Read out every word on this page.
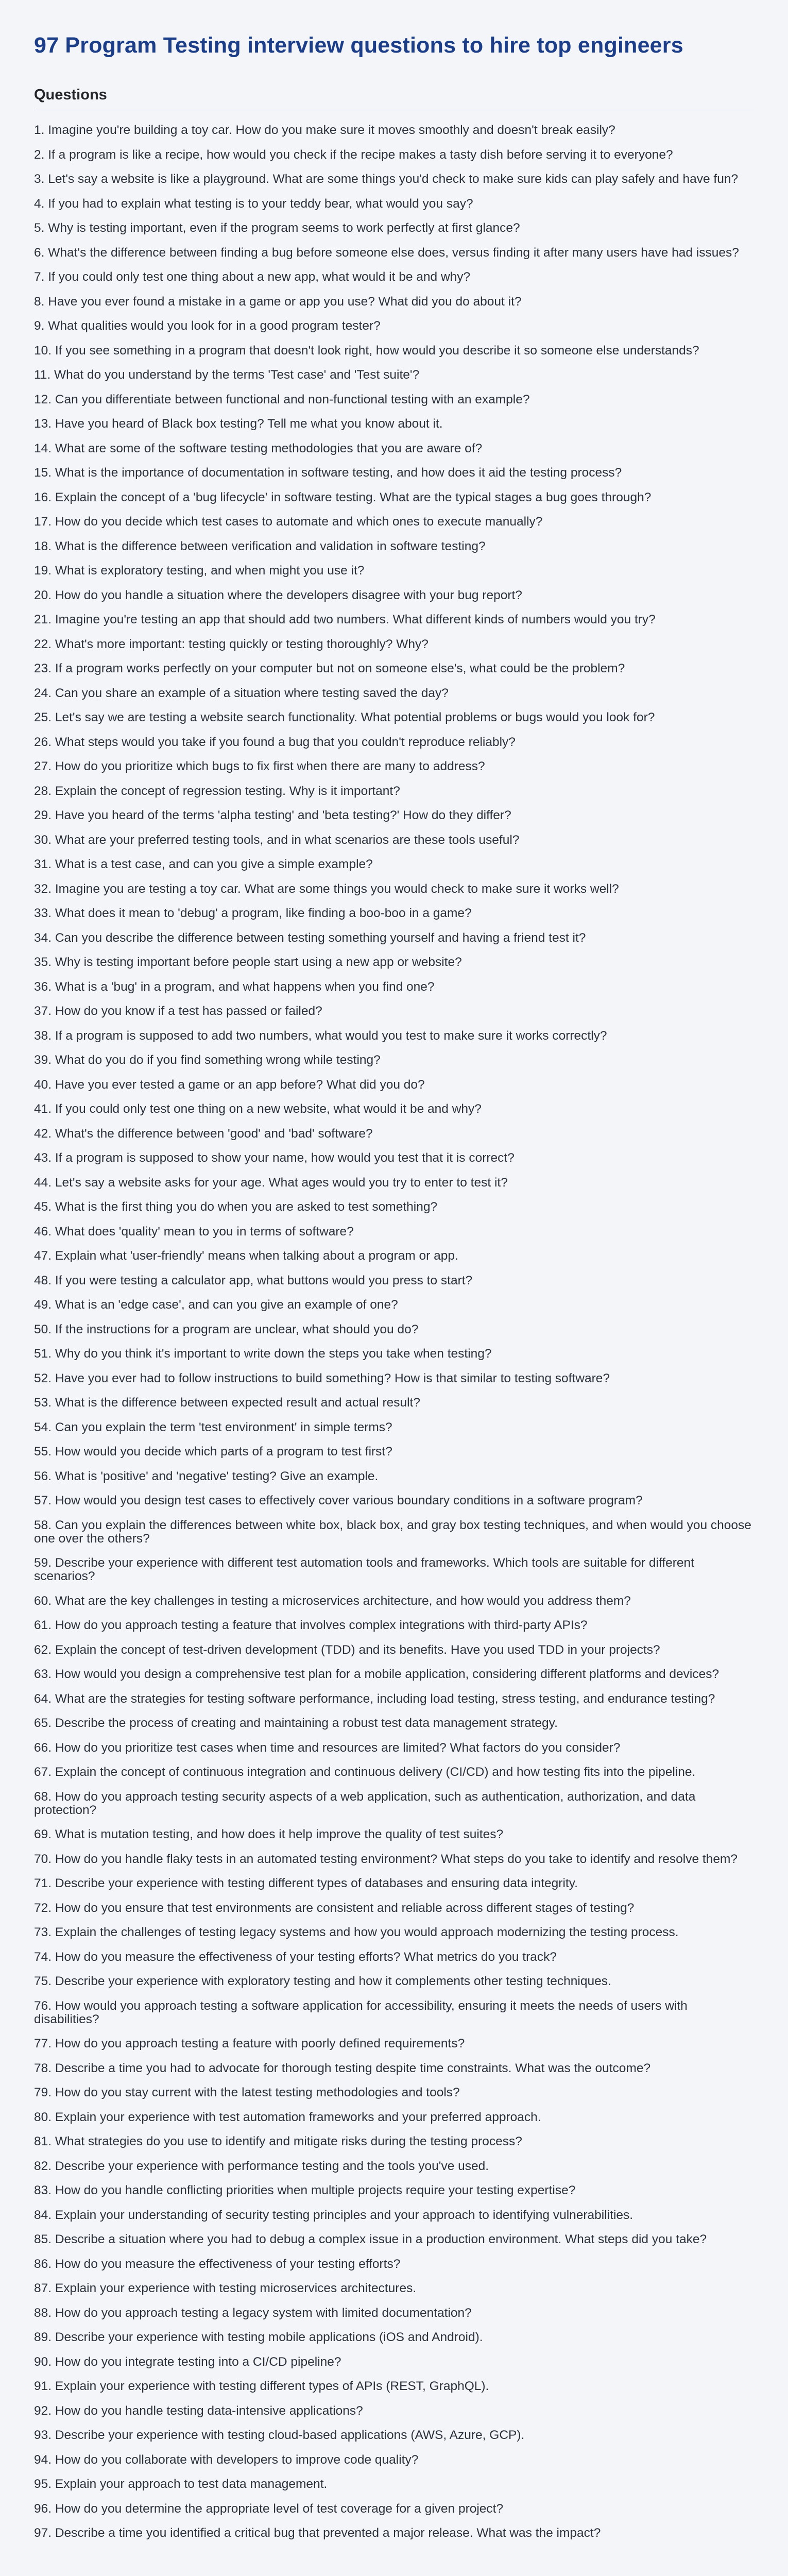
97 Program Testing interview questions to hire top engineers
Questions
1. Imagine you're building a toy car. How do you make sure it moves smoothly and doesn't break easily?
2. If a program is like a recipe, how would you check if the recipe makes a tasty dish before serving it to everyone?
3. Let's say a website is like a playground. What are some things you'd check to make sure kids can play safely and have fun?
4. If you had to explain what testing is to your teddy bear, what would you say?
5. Why is testing important, even if the program seems to work perfectly at first glance?
6. What's the difference between finding a bug before someone else does, versus finding it after many users have had issues?
7. If you could only test one thing about a new app, what would it be and why?
8. Have you ever found a mistake in a game or app you use? What did you do about it?
9. What qualities would you look for in a good program tester?
10. If you see something in a program that doesn't look right, how would you describe it so someone else understands?
11. What do you understand by the terms 'Test case' and 'Test suite'?
12. Can you differentiate between functional and non-functional testing with an example?
13. Have you heard of Black box testing? Tell me what you know about it.
14. What are some of the software testing methodologies that you are aware of?
15. What is the importance of documentation in software testing, and how does it aid the testing process?
16. Explain the concept of a 'bug lifecycle' in software testing. What are the typical stages a bug goes through?
17. How do you decide which test cases to automate and which ones to execute manually?
18. What is the difference between verification and validation in software testing?
19. What is exploratory testing, and when might you use it?
20. How do you handle a situation where the developers disagree with your bug report?
21. Imagine you're testing an app that should add two numbers. What different kinds of numbers would you try?
22. What's more important: testing quickly or testing thoroughly? Why?
23. If a program works perfectly on your computer but not on someone else's, what could be the problem?
24. Can you share an example of a situation where testing saved the day?
25. Let's say we are testing a website search functionality. What potential problems or bugs would you look for?
26. What steps would you take if you found a bug that you couldn't reproduce reliably?
27. How do you prioritize which bugs to fix first when there are many to address?
28. Explain the concept of regression testing. Why is it important?
29. Have you heard of the terms 'alpha testing' and 'beta testing?' How do they differ?
30. What are your preferred testing tools, and in what scenarios are these tools useful?
31. What is a test case, and can you give a simple example?
32. Imagine you are testing a toy car. What are some things you would check to make sure it works well?
33. What does it mean to 'debug' a program, like finding a boo-boo in a game?
34. Can you describe the difference between testing something yourself and having a friend test it?
35. Why is testing important before people start using a new app or website?
36. What is a 'bug' in a program, and what happens when you find one?
37. How do you know if a test has passed or failed?
38. If a program is supposed to add two numbers, what would you test to make sure it works correctly?
39. What do you do if you find something wrong while testing?
40. Have you ever tested a game or an app before? What did you do?
41. If you could only test one thing on a new website, what would it be and why?
42. What's the difference between 'good' and 'bad' software?
43. If a program is supposed to show your name, how would you test that it is correct?
44. Let's say a website asks for your age. What ages would you try to enter to test it?
45. What is the first thing you do when you are asked to test something?
46. What does 'quality' mean to you in terms of software?
47. Explain what 'user-friendly' means when talking about a program or app.
48. If you were testing a calculator app, what buttons would you press to start?
49. What is an 'edge case', and can you give an example of one?
50. If the instructions for a program are unclear, what should you do?
51. Why do you think it's important to write down the steps you take when testing?
52. Have you ever had to follow instructions to build something? How is that similar to testing software?
53. What is the difference between expected result and actual result?
54. Can you explain the term 'test environment' in simple terms?
55. How would you decide which parts of a program to test first?
56. What is 'positive' and 'negative' testing? Give an example.
57. How would you design test cases to effectively cover various boundary conditions in a software program?
58. Can you explain the differences between white box, black box, and gray box testing techniques, and when would you choose one over the others?
59. Describe your experience with different test automation tools and frameworks. Which tools are suitable for different scenarios?
60. What are the key challenges in testing a microservices architecture, and how would you address them?
61. How do you approach testing a feature that involves complex integrations with third-party APIs?
62. Explain the concept of test-driven development (TDD) and its benefits. Have you used TDD in your projects?
63. How would you design a comprehensive test plan for a mobile application, considering different platforms and devices?
64. What are the strategies for testing software performance, including load testing, stress testing, and endurance testing?
65. Describe the process of creating and maintaining a robust test data management strategy.
66. How do you prioritize test cases when time and resources are limited? What factors do you consider?
67. Explain the concept of continuous integration and continuous delivery (CI/CD) and how testing fits into the pipeline.
68. How do you approach testing security aspects of a web application, such as authentication, authorization, and data protection?
69. What is mutation testing, and how does it help improve the quality of test suites?
70. How do you handle flaky tests in an automated testing environment? What steps do you take to identify and resolve them?
71. Describe your experience with testing different types of databases and ensuring data integrity.
72. How do you ensure that test environments are consistent and reliable across different stages of testing?
73. Explain the challenges of testing legacy systems and how you would approach modernizing the testing process.
74. How do you measure the effectiveness of your testing efforts? What metrics do you track?
75. Describe your experience with exploratory testing and how it complements other testing techniques.
76. How would you approach testing a software application for accessibility, ensuring it meets the needs of users with disabilities?
77. How do you approach testing a feature with poorly defined requirements?
78. Describe a time you had to advocate for thorough testing despite time constraints. What was the outcome?
79. How do you stay current with the latest testing methodologies and tools?
80. Explain your experience with test automation frameworks and your preferred approach.
81. What strategies do you use to identify and mitigate risks during the testing process?
82. Describe your experience with performance testing and the tools you've used.
83. How do you handle conflicting priorities when multiple projects require your testing expertise?
84. Explain your understanding of security testing principles and your approach to identifying vulnerabilities.
85. Describe a situation where you had to debug a complex issue in a production environment. What steps did you take?
86. How do you measure the effectiveness of your testing efforts?
87. Explain your experience with testing microservices architectures.
88. How do you approach testing a legacy system with limited documentation?
89. Describe your experience with testing mobile applications (iOS and Android).
90. How do you integrate testing into a CI/CD pipeline?
91. Explain your experience with testing different types of APIs (REST, GraphQL).
92. How do you handle testing data-intensive applications?
93. Describe your experience with testing cloud-based applications (AWS, Azure, GCP).
94. How do you collaborate with developers to improve code quality?
95. Explain your approach to test data management.
96. How do you determine the appropriate level of test coverage for a given project?
97. Describe a time you identified a critical bug that prevented a major release. What was the impact?
